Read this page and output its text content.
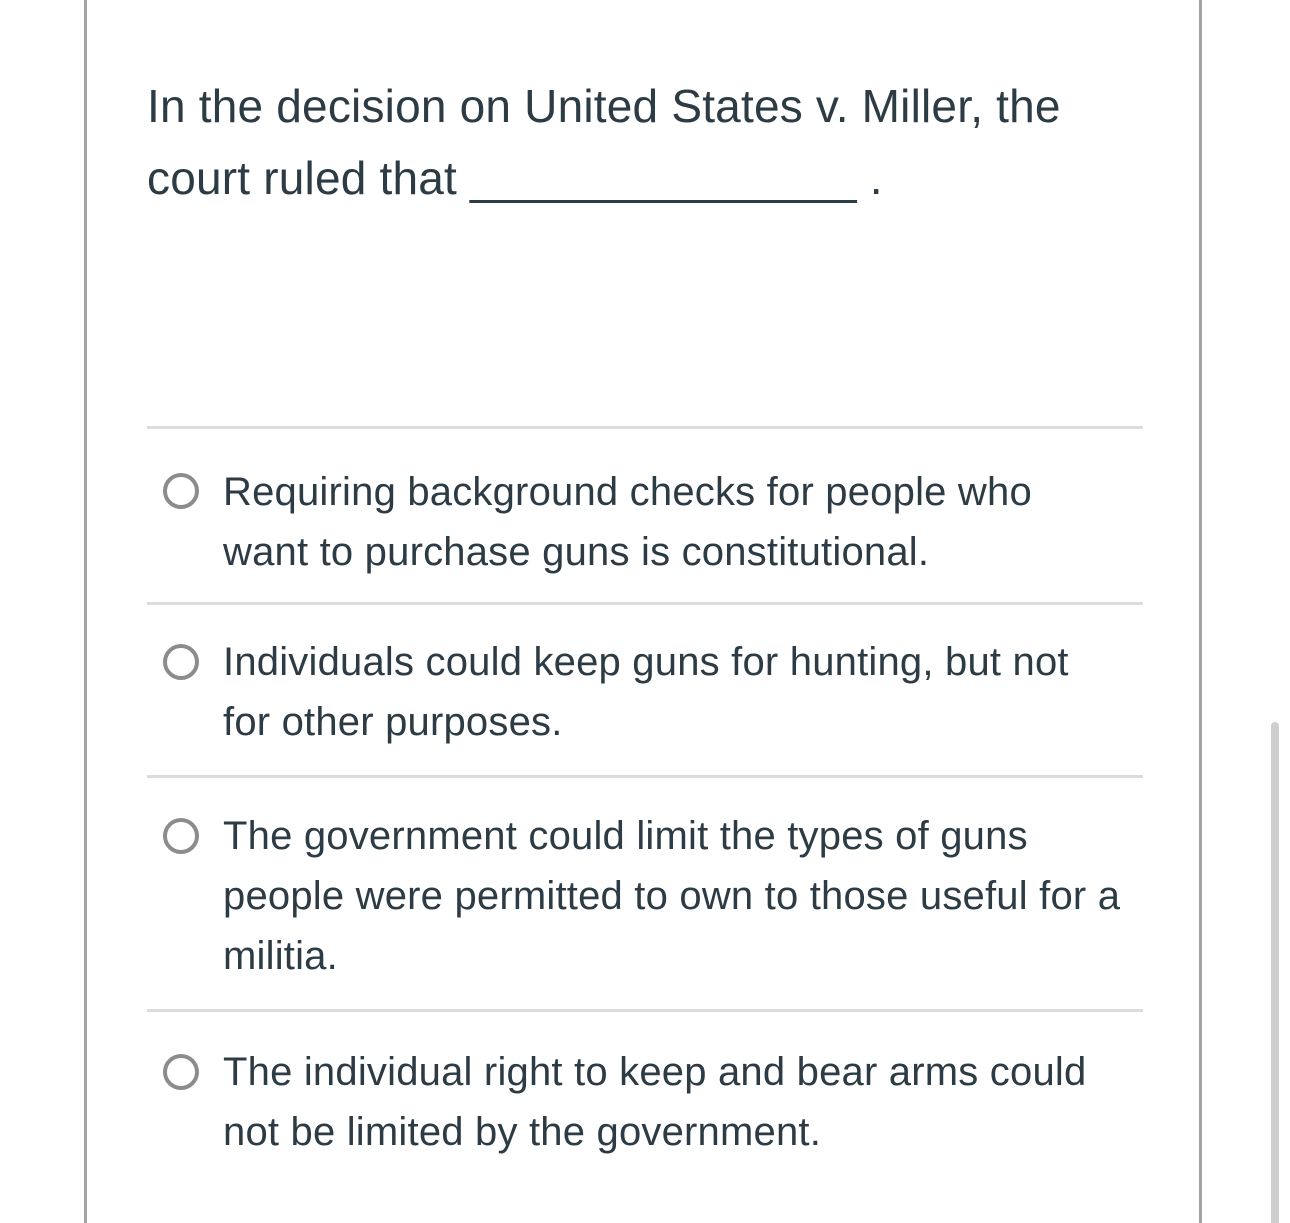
In the decision on United States v. Miller, the court ruled that _______________ .
Requiring background checks for people who want to purchase guns is constitutional.
Individuals could keep guns for hunting, but not for other purposes.
The government could limit the types of guns people were permitted to own to those useful for a militia.
The individual right to keep and bear arms could not be limited by the government.
